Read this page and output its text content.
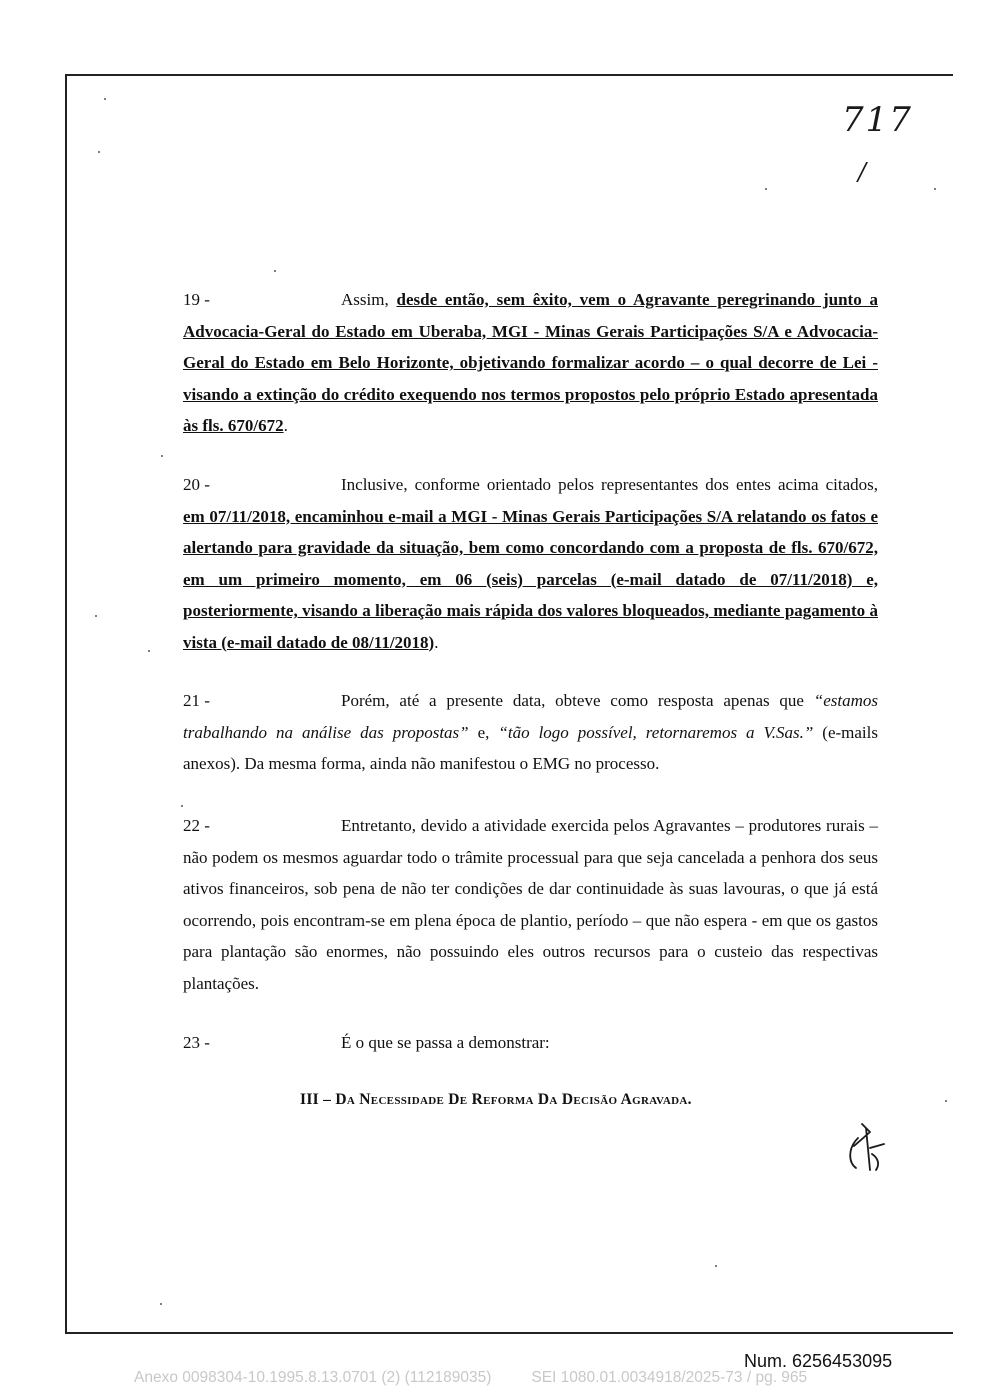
717
/
19 -	Assim, desde então, sem êxito, vem o Agravante peregrinando junto a Advocacia-Geral do Estado em Uberaba, MGI - Minas Gerais Participações S/A e Advocacia-Geral do Estado em Belo Horizonte, objetivando formalizar acordo – o qual decorre de Lei - visando a extinção do crédito exequendo nos termos propostos pelo próprio Estado apresentada às fls. 670/672.
20 -	Inclusive, conforme orientado pelos representantes dos entes acima citados, em 07/11/2018, encaminhou e-mail a MGI - Minas Gerais Participações S/A relatando os fatos e alertando para gravidade da situação, bem como concordando com a proposta de fls. 670/672, em um primeiro momento, em 06 (seis) parcelas (e-mail datado de 07/11/2018) e, posteriormente, visando a liberação mais rápida dos valores bloqueados, mediante pagamento à vista (e-mail datado de 08/11/2018).
21 -	Porém, até a presente data, obteve como resposta apenas que “estamos trabalhando na análise das propostas” e, “tão logo possível, retornaremos a V.Sas.” (e-mails anexos). Da mesma forma, ainda não manifestou o EMG no processo.
22 -	Entretanto, devido a atividade exercida pelos Agravantes – produtores rurais – não podem os mesmos aguardar todo o trâmite processual para que seja cancelada a penhora dos seus ativos financeiros, sob pena de não ter condições de dar continuidade às suas lavouras, o que já está ocorrendo, pois encontram-se em plena época de plantio, período – que não espera - em que os gastos para plantação são enormes, não possuindo eles outros recursos para o custeio das respectivas plantações.
23 -	É o que se passa a demonstrar:
III – Da Necessidade De Reforma Da Decisão Agravada.
Num. 6256453095
Anexo 0098304-10.1995.8.13.0701 (2) (112189035)	SEI 1080.01.0034918/2025-73 / pg. 965
